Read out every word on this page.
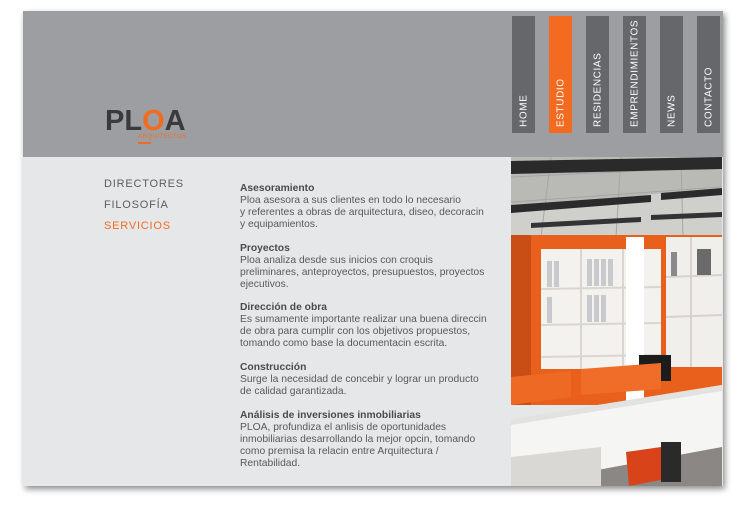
PLOA
ARQUITECTOS
HOME	ESTUDIO	RESIDENCIAS	EMPRENDIMIENTOS	NEWS	CONTACTO
DIRECTORES
FILOSOFÍA
SERVICIOS
Asesoramiento

Ploa asesora a sus clientes en todo lo necesario
y referentes a obras de arquitectura, diseo, decoracin
y equipamientos.

Proyectos

Ploa analiza desde sus inicios con croquis
preliminares, anteproyectos, presupuestos, proyectos
ejecutivos.

Dirección de obra

Es sumamente importante realizar una buena direccin
de obra para cumplir con los objetivos propuestos,
tomando como base la documentacin escrita.

Construcción

Surge la necesidad de concebir y lograr un producto
de calidad garantizada.

Análisis de inversiones inmobiliarias

PLOA, profundiza el anlisis de oportunidades
inmobiliarias desarrollando la mejor opcin, tomando
como premisa la relacin entre Arquitectura /
Rentabilidad.
